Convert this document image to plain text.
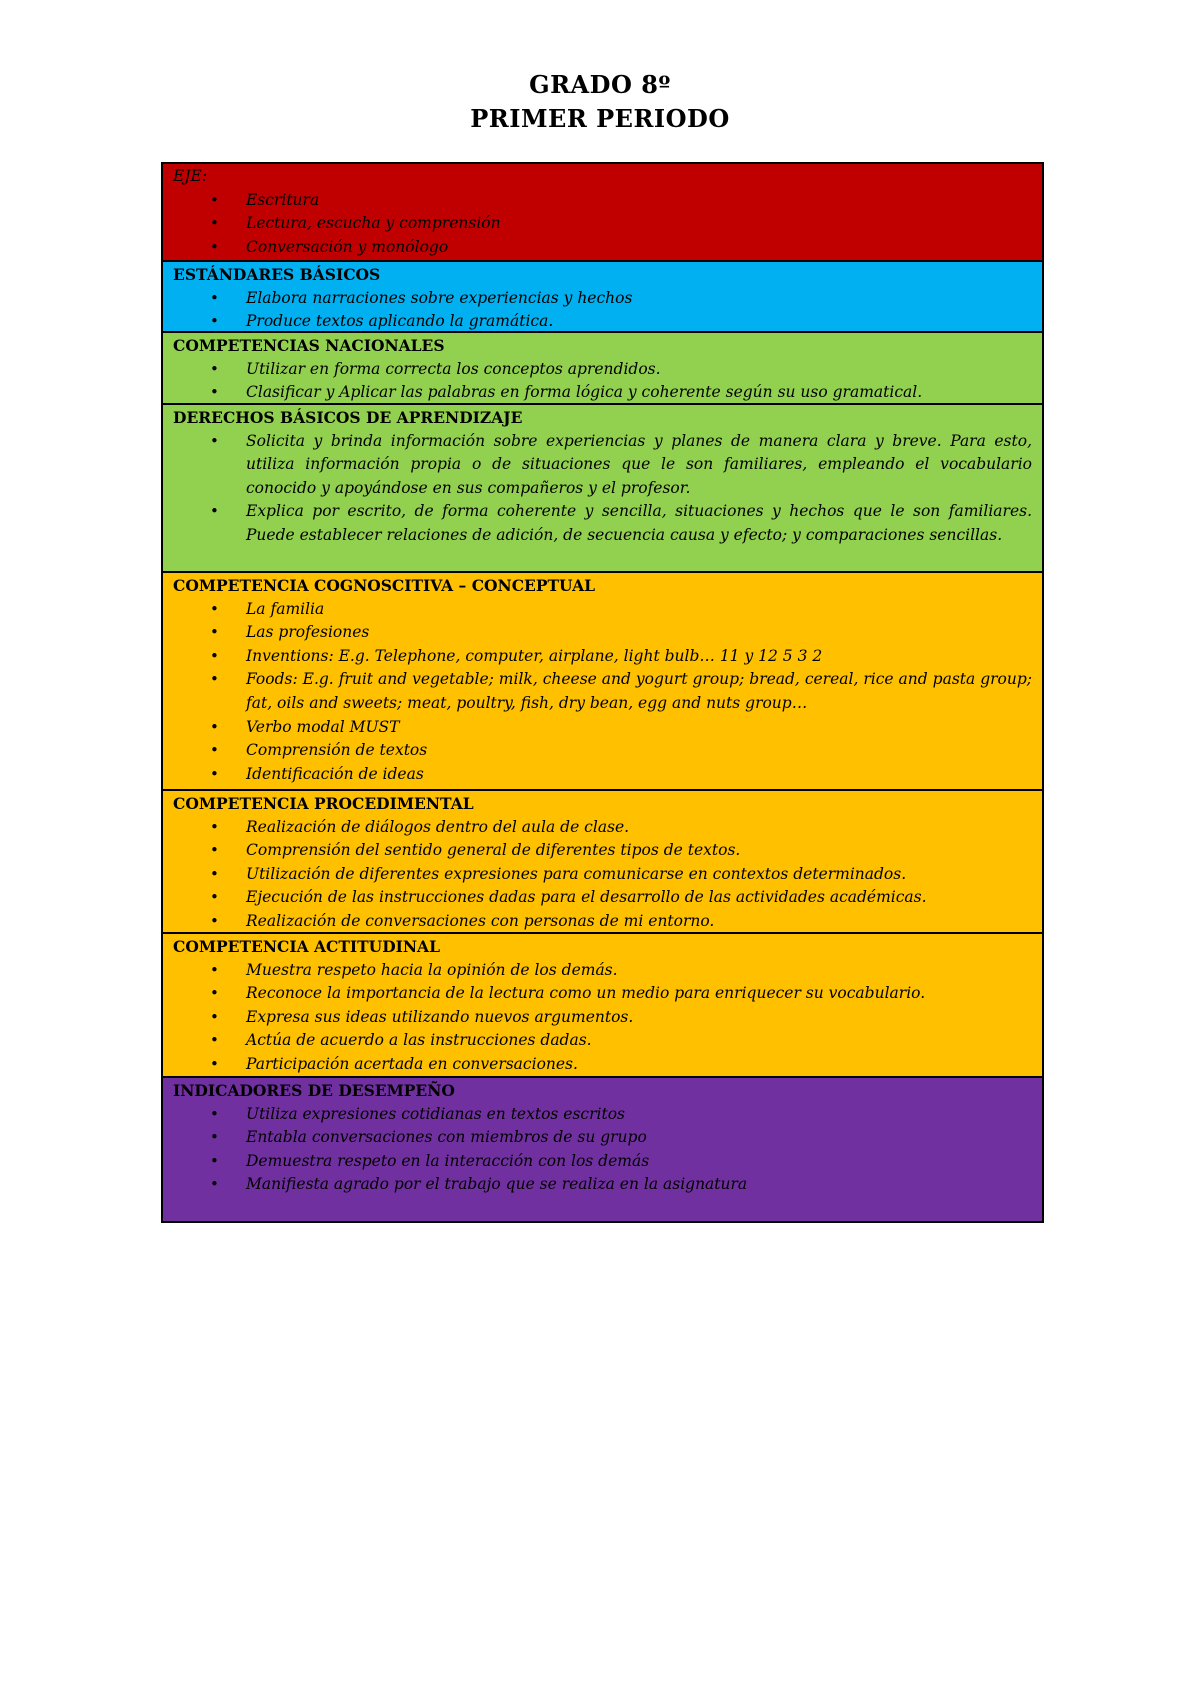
GRADO 8º
PRIMER PERIODO
EJE:
• Escritura
• Lectura, escucha y comprensión
• Conversación y monólogo
ESTÁNDARES BÁSICOS
• Elabora narraciones sobre experiencias y hechos
• Produce textos aplicando la gramática.
COMPETENCIAS NACIONALES
• Utilizar en forma correcta los conceptos aprendidos.
• Clasificar y Aplicar las palabras en forma lógica y coherente según su uso gramatical.
DERECHOS BÁSICOS DE APRENDIZAJE
• Solicita y brinda información sobre experiencias y planes de manera clara y breve. Para esto, utiliza información propia o de situaciones que le son familiares, empleando el vocabulario conocido y apoyándose en sus compañeros y el profesor.
• Explica por escrito, de forma coherente y sencilla, situaciones y hechos que le son familiares. Puede establecer relaciones de adición, de secuencia causa y efecto; y comparaciones sencillas.
COMPETENCIA COGNOSCITIVA – CONCEPTUAL
• La familia
• Las profesiones
• Inventions: E.g. Telephone, computer, airplane, light bulb… 11 y 12 5 3 2
• Foods: E.g. fruit and vegetable; milk, cheese and yogurt group; bread, cereal, rice and pasta group; fat, oils and sweets; meat, poultry, fish, dry bean, egg and nuts group…
• Verbo modal MUST
• Comprensión de textos
• Identificación de ideas
COMPETENCIA PROCEDIMENTAL
• Realización de diálogos dentro del aula de clase.
• Comprensión del sentido general de diferentes tipos de textos.
• Utilización de diferentes expresiones para comunicarse en contextos determinados.
• Ejecución de las instrucciones dadas para el desarrollo de las actividades académicas.
• Realización de conversaciones con personas de mi entorno.
COMPETENCIA ACTITUDINAL
• Muestra respeto hacia la opinión de los demás.
• Reconoce la importancia de la lectura como un medio para enriquecer su vocabulario.
• Expresa sus ideas utilizando nuevos argumentos.
• Actúa de acuerdo a las instrucciones dadas.
• Participación acertada en conversaciones.
INDICADORES DE DESEMPEÑO
• Utiliza expresiones cotidianas en textos escritos
• Entabla conversaciones con miembros de su grupo
• Demuestra respeto en la interacción con los demás
• Manifiesta agrado por el trabajo que se realiza en la asignatura
